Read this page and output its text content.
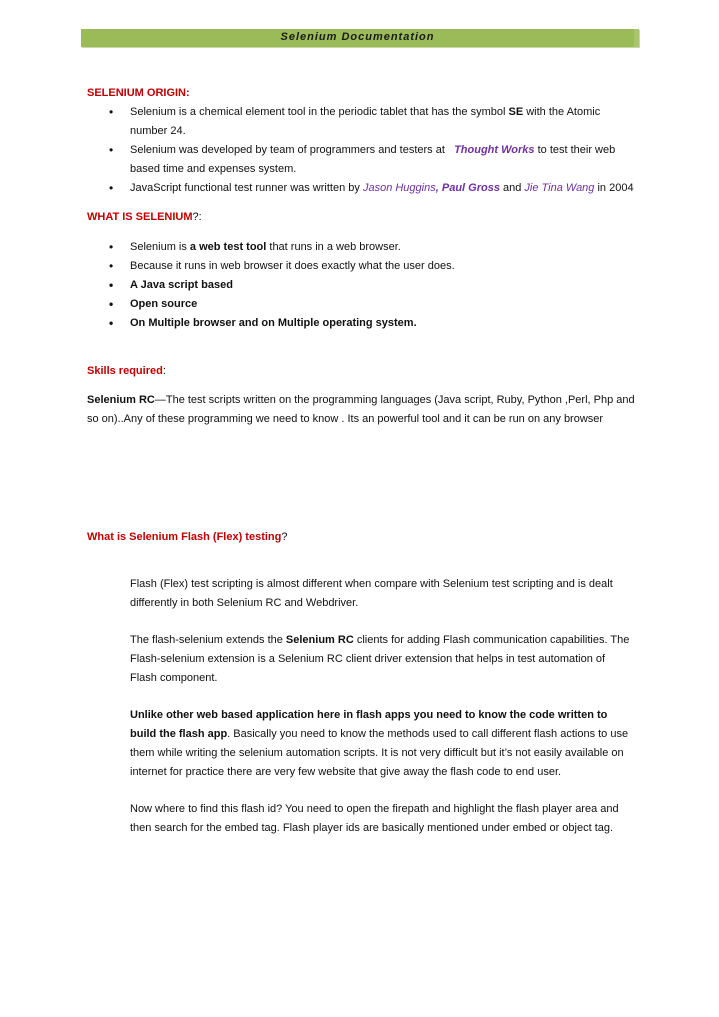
Selenium Documentation

SELENIUM ORIGIN:

• Selenium is a chemical element tool in the periodic tablet that has the symbol SE with the Atomic number 24.
• Selenium was developed by team of programmers and testers at   Thought Works to test their web based time and expenses system.
• JavaScript functional test runner was written by Jason Huggins, Paul Gross and Jie Tina Wang in 2004

WHAT IS SELENIUM?:

• Selenium is a web test tool that runs in a web browser.
• Because it runs in web browser it does exactly what the user does.
• A Java script based
• Open source
• On Multiple browser and on Multiple operating system.

Skills required:

Selenium RC—The test scripts written on the programming languages (Java script, Ruby, Python ,Perl, Php and so on)..Any of these programming we need to know . Its an powerful tool and it can be run on any browser

What is Selenium Flash (Flex) testing?

Flash (Flex) test scripting is almost different when compare with Selenium test scripting and is dealt differently in both Selenium RC and Webdriver.

The flash-selenium extends the Selenium RC clients for adding Flash communication capabilities. The Flash-selenium extension is a Selenium RC client driver extension that helps in test automation of Flash component.

Unlike other web based application here in flash apps you need to know the code written to build the flash app. Basically you need to know the methods used to call different flash actions to use them while writing the selenium automation scripts. It is not very difficult but it’s not easily available on internet for practice there are very few website that give away the flash code to end user.

Now where to find this flash id? You need to open the firepath and highlight the flash player area and then search for the embed tag. Flash player ids are basically mentioned under embed or object tag.
